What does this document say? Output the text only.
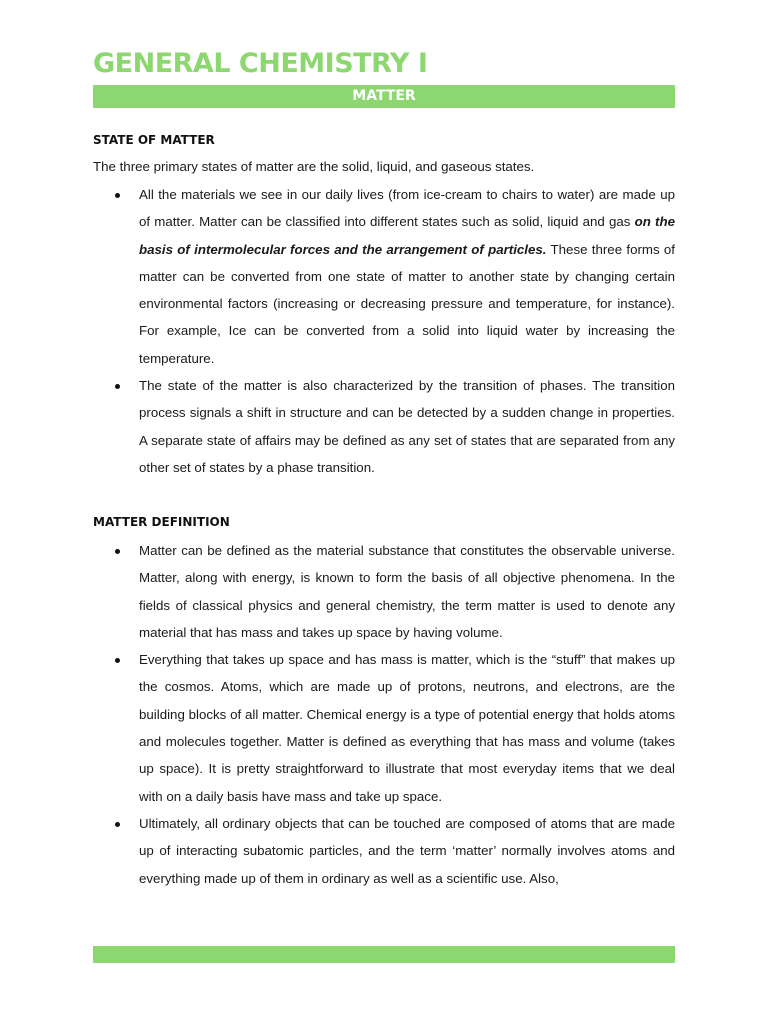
GENERAL CHEMISTRY I
MATTER
STATE OF MATTER

The three primary states of matter are the solid, liquid, and gaseous states.

All the materials we see in our daily lives (from ice-cream to chairs to water) are made up of matter. Matter can be classified into different states such as solid, liquid and gas on the basis of intermolecular forces and the arrangement of particles. These three forms of matter can be converted from one state of matter to another state by changing certain environmental factors (increasing or decreasing pressure and temperature, for instance). For example, Ice can be converted from a solid into liquid water by increasing the temperature.
The state of the matter is also characterized by the transition of phases. The transition process signals a shift in structure and can be detected by a sudden change in properties. A separate state of affairs may be defined as any set of states that are separated from any other set of states by a phase transition.
MATTER DEFINITION
Matter can be defined as the material substance that constitutes the observable universe. Matter, along with energy, is known to form the basis of all objective phenomena. In the fields of classical physics and general chemistry, the term matter is used to denote any material that has mass and takes up space by having volume.
Everything that takes up space and has mass is matter, which is the “stuff” that makes up the cosmos. Atoms, which are made up of protons, neutrons, and electrons, are the building blocks of all matter. Chemical energy is a type of potential energy that holds atoms and molecules together. Matter is defined as everything that has mass and volume (takes up space). It is pretty straightforward to illustrate that most everyday items that we deal with on a daily basis have mass and take up space.
Ultimately, all ordinary objects that can be touched are composed of atoms that are made up of interacting subatomic particles, and the term ‘matter’ normally involves atoms and everything made up of them in ordinary as well as a scientific use. Also,
